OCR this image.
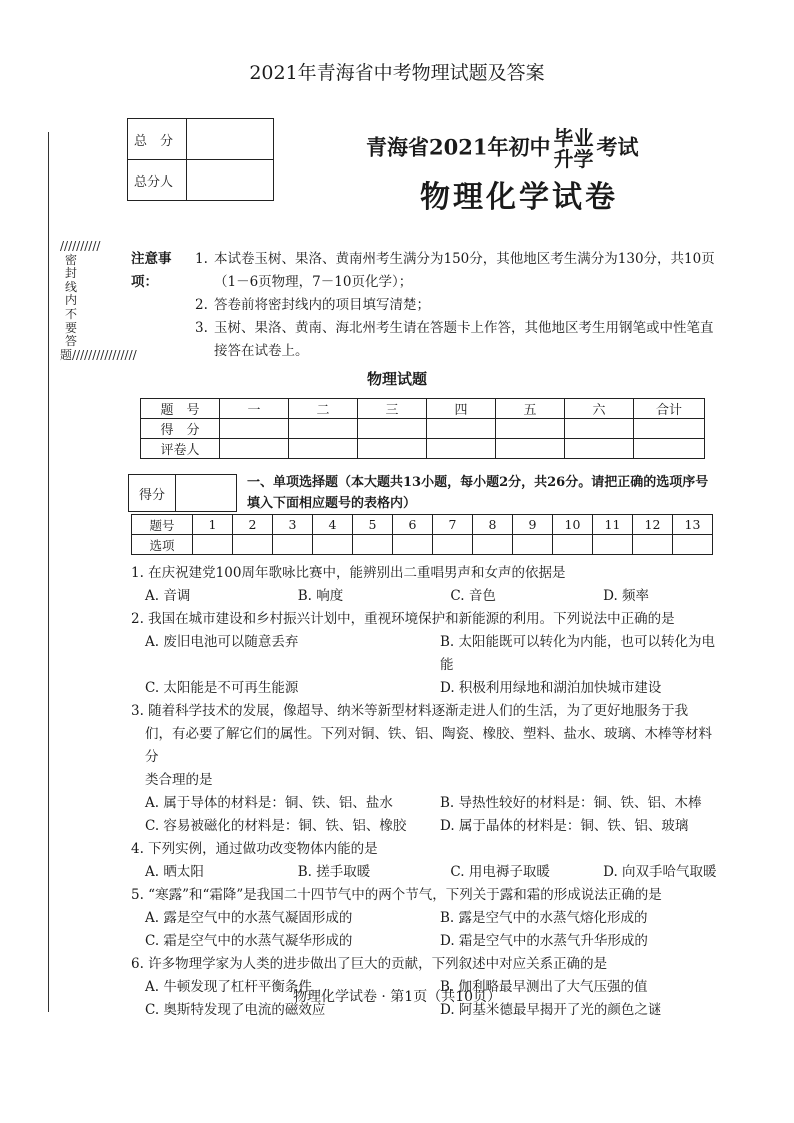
2021年青海省中考物理试题及答案
总　分	
总分人	
青海省2021年初中 毕业
升学 考试
物理化学试卷
//////////密封线内不要答题////////////////
注意事项：
1. 本试卷玉树、果洛、黄南州考生满分为150分，其他地区考生满分为130分，共10页（1－6页物理，7－10页化学）；
2. 答卷前将密封线内的项目填写清楚；
3. 玉树、果洛、黄南、海北州考生请在答题卡上作答，其他地区考生用钢笔或中性笔直接答在试卷上。
物理试题
题　号	一	二	三	四	五	六	合计
得　分							
评卷人							
得分	
一、单项选择题（本大题共13小题，每小题2分，共26分。请把正确的选项序号填入下面相应题号的表格内）
题号	1	2	3	4	5	6	7	8	9	10	11	12	13
选项													

1. 在庆祝建党100周年歌咏比赛中，能辨别出二重唱男声和女声的依据是

A. 音调	B. 响度	C. 音色	D. 频率

2. 我国在城市建设和乡村振兴计划中，重视环境保护和新能源的利用。下列说法中正确的是

A. 废旧电池可以随意丢弃	B. 太阳能既可以转化为内能，也可以转化为电能
C. 太阳能是不可再生能源	D. 积极利用绿地和湖泊加快城市建设

3. 随着科学技术的发展，像超导、纳米等新型材料逐渐走进人们的生活，为了更好地服务于我

们，有必要了解它们的属性。下列对铜、铁、铝、陶瓷、橡胶、塑料、盐水、玻璃、木棒等材料分

类合理的是

A. 属于导体的材料是：铜、铁、铝、盐水	B. 导热性较好的材料是：铜、铁、铝、木棒
C. 容易被磁化的材料是：铜、铁、铝、橡胶	D. 属于晶体的材料是：铜、铁、铝、玻璃

4. 下列实例，通过做功改变物体内能的是

A. 晒太阳	B. 搓手取暖	C. 用电褥子取暖	D. 向双手哈气取暖

5. “寒露”和“霜降”是我国二十四节气中的两个节气，下列关于露和霜的形成说法正确的是

A. 露是空气中的水蒸气凝固形成的	B. 露是空气中的水蒸气熔化形成的
C. 霜是空气中的水蒸气凝华形成的	D. 霜是空气中的水蒸气升华形成的

6. 许多物理学家为人类的进步做出了巨大的贡献，下列叙述中对应关系正确的是

A. 牛顿发现了杠杆平衡条件	B. 伽利略最早测出了大气压强的值
C. 奥斯特发现了电流的磁效应	D. 阿基米德最早揭开了光的颜色之谜
物理化学试卷 · 第1页（共10页）
